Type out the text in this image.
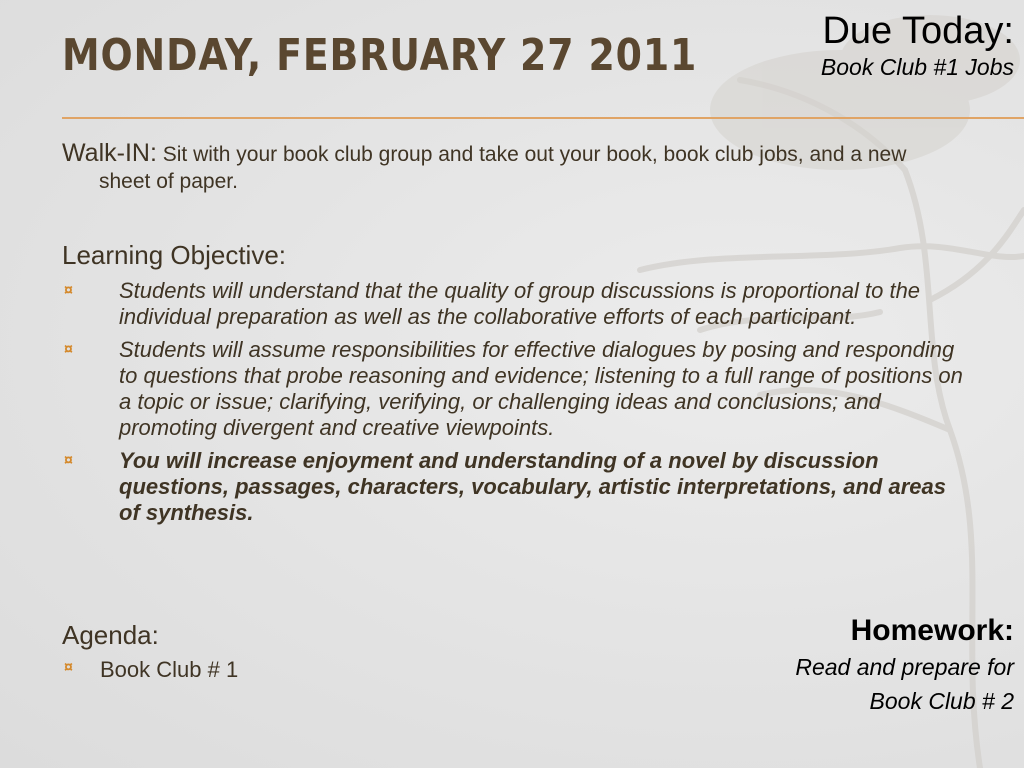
MONDAY, FEBRUARY 27 2011	Due Today:
Book Club #1 Jobs
Walk-IN: Sit with your book club group and take out your book, book club jobs, and a new sheet of paper.
Learning Objective:
¤ Students will understand that the quality of group discussions is proportional to the individual preparation as well as the collaborative efforts of each participant.
¤ Students will assume responsibilities for effective dialogues by posing and responding to questions that probe reasoning and evidence; listening to a full range of positions on a topic or issue; clarifying, verifying, or challenging ideas and conclusions; and promoting divergent and creative viewpoints.
¤ You will increase enjoyment and understanding of a novel by discussion questions, passages, characters, vocabulary, artistic interpretations, and areas of synthesis.
Agenda:
¤ Book Club # 1
Homework:
Read and prepare for
Book Club # 2
